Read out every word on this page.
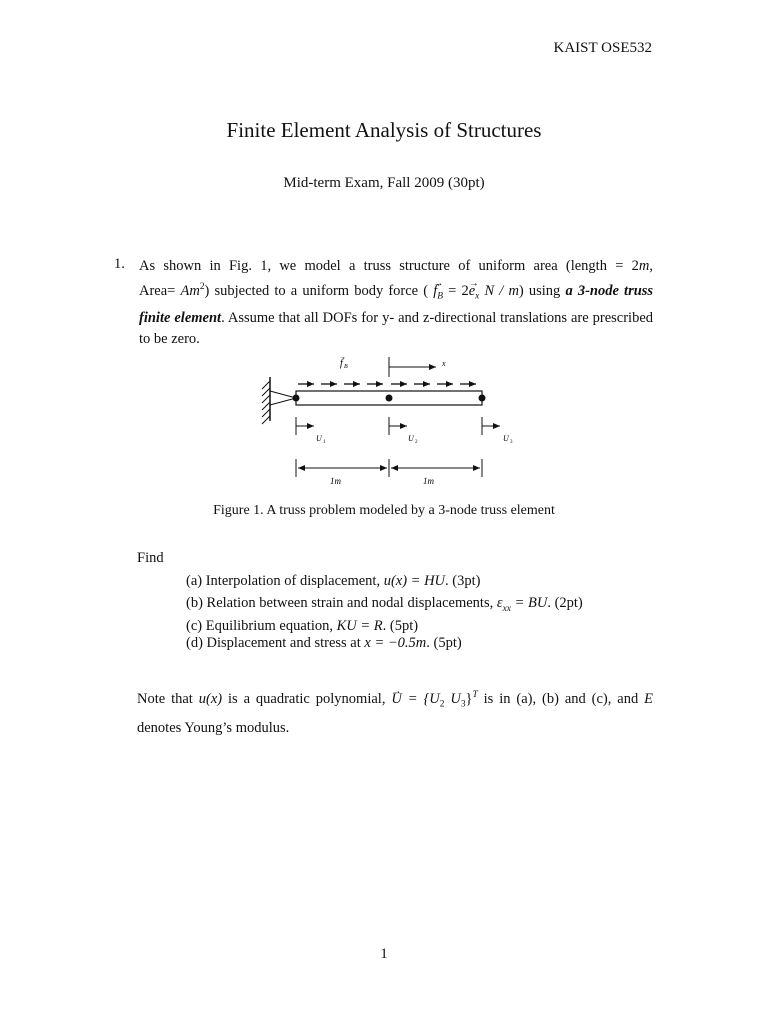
KAIST OSE532
Finite Element Analysis of Structures
Mid-term Exam, Fall 2009 (30pt)
1. As shown in Fig. 1, we model a truss structure of uniform area (length = 2m,
Area= $Am^2$) subjected to a uniform body force ( → $f_B = 2\to e_x$ N / m) using a 3-node truss
finite element. Assume that all DOFs for y- and z-directional translations are prescribed
to be zero.
f
→
B	x
U 1	U 2	U 3
1m	1m
Figure 1. A truss problem modeled by a 3-node truss element
Find
(a) Interpolation of displacement, u(x) = HU. (3pt)
(b) Relation between strain and nodal displacements, $\varepsilon_{xx}$ = BU. (2pt)
(c) Equilibrium equation, KU = R. (5pt)
(d) Displacement and stress at x = −0.5m. (5pt)
Note that u(x) is a quadratic polynomial, → $U = \{U_2$ $U_3\}^T$ is in (a), (b) and (c), and E
denotes Young’s modulus.
1
